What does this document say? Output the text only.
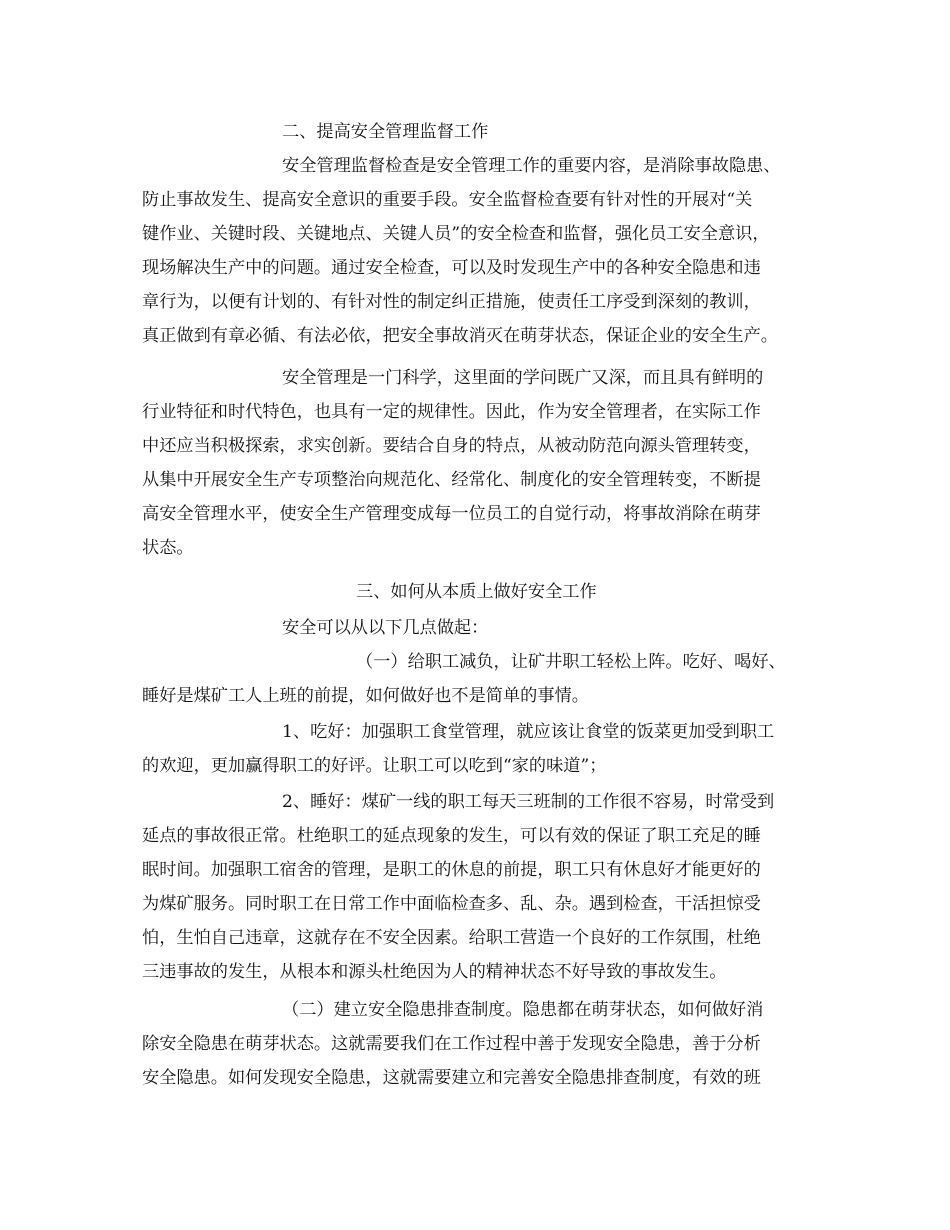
二、提高安全管理监督工作
安全管理监督检查是安全管理工作的重要内容，是消除事故隐患、
防止事故发生、提高安全意识的重要手段。安全监督检查要有针对性的开展对“关
键作业、关键时段、关键地点、关键人员”的安全检查和监督，强化员工安全意识，
现场解决生产中的问题。通过安全检查，可以及时发现生产中的各种安全隐患和违
章行为，以便有计划的、有针对性的制定纠正措施，使责任工序受到深刻的教训，
真正做到有章必循、有法必依，把安全事故消灭在萌芽状态，保证企业的安全生产。
安全管理是一门科学，这里面的学问既广又深，而且具有鲜明的
行业特征和时代特色，也具有一定的规律性。因此，作为安全管理者，在实际工作
中还应当积极探索，求实创新。要结合自身的特点，从被动防范向源头管理转变，
从集中开展安全生产专项整治向规范化、经常化、制度化的安全管理转变，不断提
高安全管理水平，使安全生产管理变成每一位员工的自觉行动，将事故消除在萌芽
状态。
三、如何从本质上做好安全工作
安全可以从以下几点做起：
（一）给职工减负，让矿井职工轻松上阵。吃好、喝好、
睡好是煤矿工人上班的前提，如何做好也不是简单的事情。
1、吃好：加强职工食堂管理，就应该让食堂的饭菜更加受到职工
的欢迎，更加赢得职工的好评。让职工可以吃到“家的味道”；
2、睡好：煤矿一线的职工每天三班制的工作很不容易，时常受到
延点的事故很正常。杜绝职工的延点现象的发生，可以有效的保证了职工充足的睡
眠时间。加强职工宿舍的管理，是职工的休息的前提，职工只有休息好才能更好的
为煤矿服务。同时职工在日常工作中面临检查多、乱、杂。遇到检查，干活担惊受
怕，生怕自己违章，这就存在不安全因素。给职工营造一个良好的工作氛围，杜绝
三违事故的发生，从根本和源头杜绝因为人的精神状态不好导致的事故发生。
（二）建立安全隐患排查制度。隐患都在萌芽状态，如何做好消
除安全隐患在萌芽状态。这就需要我们在工作过程中善于发现安全隐患，善于分析
安全隐患。如何发现安全隐患，这就需要建立和完善安全隐患排查制度，有效的班
